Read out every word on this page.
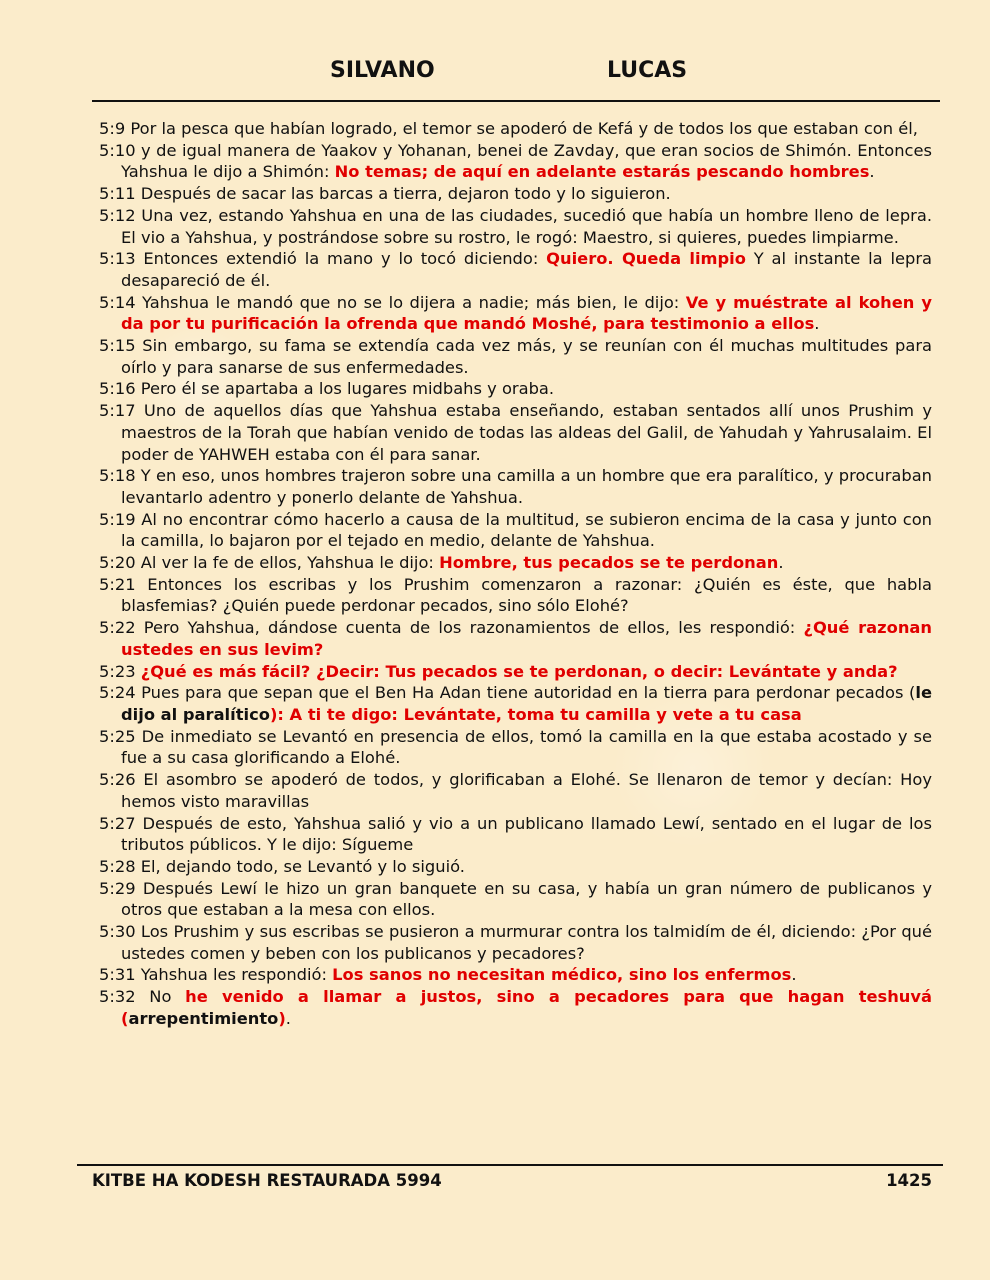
SILVANO	LUCAS

5:9 Por la pesca que habían logrado, el temor se apoderó de Kefá y de todos los que estaban con él,

5:10 y de igual manera de Yaakov y Yohanan, benei de Zavday, que eran socios de Shimón. Entonces Yahshua le dijo a Shimón: No temas; de aquí en adelante estarás pescando hombres.

5:11 Después de sacar las barcas a tierra, dejaron todo y lo siguieron.

5:12 Una vez, estando Yahshua en una de las ciudades, sucedió que había un hombre lleno de lepra. El vio a Yahshua, y postrándose sobre su rostro, le rogó: Maestro, si quieres, puedes limpiarme.

5:13 Entonces extendió la mano y lo tocó diciendo: Quiero. Queda limpio Y al instante la lepra desapareció de él.

5:14 Yahshua le mandó que no se lo dijera a nadie; más bien, le dijo: Ve y muéstrate al kohen y da por tu purificación la ofrenda que mandó Moshé, para testimonio a ellos.

5:15 Sin embargo, su fama se extendía cada vez más, y se reunían con él muchas multitudes para oírlo y para sanarse de sus enfermedades.

5:16 Pero él se apartaba a los lugares midbahs y oraba.

5:17 Uno de aquellos días que Yahshua estaba enseñando, estaban sentados allí unos Prushim y maestros de la Torah que habían venido de todas las aldeas del Galil, de Yahudah y Yahrusalaim. El poder de YAHWEH estaba con él para sanar.

5:18 Y en eso, unos hombres trajeron sobre una camilla a un hombre que era paralítico, y procuraban levantarlo adentro y ponerlo delante de Yahshua.

5:19 Al no encontrar cómo hacerlo a causa de la multitud, se subieron encima de la casa y junto con la camilla, lo bajaron por el tejado en medio, delante de Yahshua.

5:20 Al ver la fe de ellos, Yahshua le dijo: Hombre, tus pecados se te perdonan.

5:21 Entonces los escribas y los Prushim comenzaron a razonar: ¿Quién es éste, que habla blasfemias? ¿Quién puede perdonar pecados, sino sólo Elohé?

5:22 Pero Yahshua, dándose cuenta de los razonamientos de ellos, les respondió: ¿Qué razonan ustedes en sus levim?

5:23 ¿Qué es más fácil? ¿Decir: Tus pecados se te perdonan, o decir: Levántate y anda?

5:24 Pues para que sepan que el Ben Ha Adan tiene autoridad en la tierra para perdonar pecados (le dijo al paralítico): A ti te digo: Levántate, toma tu camilla y vete a tu casa

5:25 De inmediato se Levantó en presencia de ellos, tomó la camilla en la que estaba acostado y se fue a su casa glorificando a Elohé.

5:26 El asombro se apoderó de todos, y glorificaban a Elohé. Se llenaron de temor y decían: Hoy hemos visto maravillas

5:27 Después de esto, Yahshua salió y vio a un publicano llamado Lewí, sentado en el lugar de los tributos públicos. Y le dijo: Sígueme

5:28 El, dejando todo, se Levantó y lo siguió.

5:29 Después Lewí le hizo un gran banquete en su casa, y había un gran número de publicanos y otros que estaban a la mesa con ellos.

5:30 Los Prushim y sus escribas se pusieron a murmurar contra los talmidím de él, diciendo: ¿Por qué ustedes comen y beben con los publicanos y pecadores?

5:31 Yahshua les respondió: Los sanos no necesitan médico, sino los enfermos.

5:32 No he venido a llamar a justos, sino a pecadores para que hagan teshuvá (arrepentimiento).

KITBE HA KODESH RESTAURADA 5994	1425
